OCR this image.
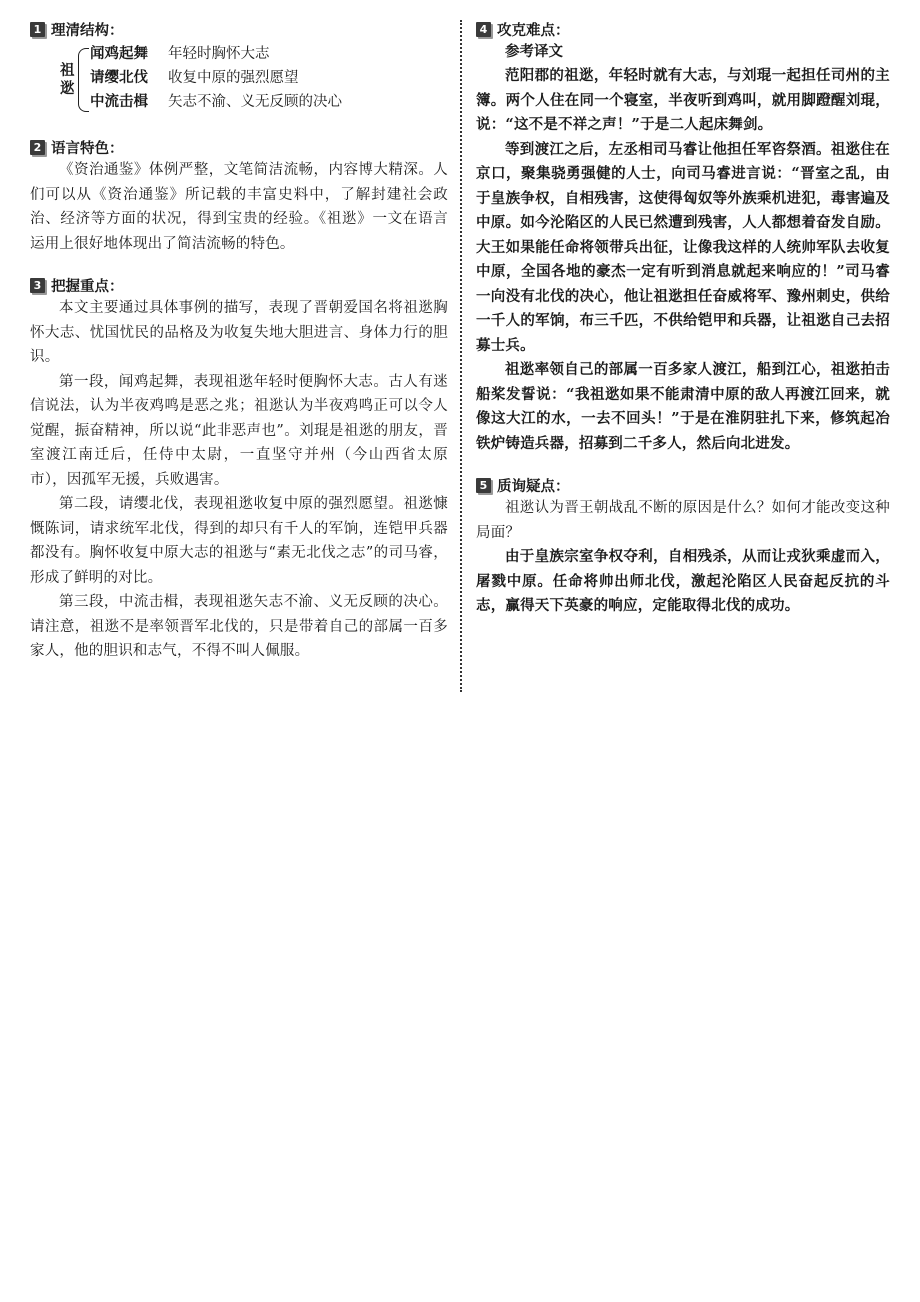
1 理清结构：
祖逖
闻鸡起舞	年轻时胸怀大志
请缨北伐	收复中原的强烈愿望
中流击楫	矢志不渝、义无反顾的决心
2 语言特色：

《资治通鉴》体例严整，文笔简洁流畅，内容博大精深。人们可以从《资治通鉴》所记载的丰富史料中，了解封建社会政治、经济等方面的状况，得到宝贵的经验。《祖逖》一文在语言运用上很好地体现出了简洁流畅的特色。

3 把握重点：

本文主要通过具体事例的描写，表现了晋朝爱国名将祖逖胸怀大志、忧国忧民的品格及为收复失地大胆进言、身体力行的胆识。

第一段，闻鸡起舞，表现祖逖年轻时便胸怀大志。古人有迷信说法，认为半夜鸡鸣是恶之兆；祖逖认为半夜鸡鸣正可以令人觉醒，振奋精神，所以说“此非恶声也”。刘琨是祖逖的朋友，晋室渡江南迁后，任侍中太尉，一直坚守并州（今山西省太原市），因孤军无援，兵败遇害。

第二段，请缨北伐，表现祖逖收复中原的强烈愿望。祖逖慷慨陈词，请求统军北伐，得到的却只有千人的军饷，连铠甲兵器都没有。胸怀收复中原大志的祖逖与“素无北伐之志”的司马睿，形成了鲜明的对比。

第三段，中流击楫，表现祖逖矢志不渝、义无反顾的决心。请注意，祖逖不是率领晋军北伐的，只是带着自己的部属一百多家人，他的胆识和志气，不得不叫人佩服。

4 攻克难点：
参考译文

范阳郡的祖逖，年轻时就有大志，与刘琨一起担任司州的主簿。两个人住在同一个寝室，半夜听到鸡叫，就用脚蹬醒刘琨，说：“这不是不祥之声！”于是二人起床舞剑。

等到渡江之后，左丞相司马睿让他担任军咨祭酒。祖逖住在京口，聚集骁勇强健的人士，向司马睿进言说：“晋室之乱，由于皇族争权，自相残害，这使得匈奴等外族乘机进犯，毒害遍及中原。如今沦陷区的人民已然遭到残害，人人都想着奋发自励。大王如果能任命将领带兵出征，让像我这样的人统帅军队去收复中原，全国各地的豪杰一定有听到消息就起来响应的！”司马睿一向没有北伐的决心，他让祖逖担任奋威将军、豫州刺史，供给一千人的军饷，布三千匹，不供给铠甲和兵器，让祖逖自己去招募士兵。

祖逖率领自己的部属一百多家人渡江，船到江心，祖逖拍击船桨发誓说：“我祖逖如果不能肃清中原的敌人再渡江回来，就像这大江的水，一去不回头！”于是在淮阴驻扎下来，修筑起冶铁炉铸造兵器，招募到二千多人，然后向北进发。

5 质询疑点：

祖逖认为晋王朝战乱不断的原因是什么？如何才能改变这种局面？

由于皇族宗室争权夺利，自相残杀，从而让戎狄乘虚而入，屠戮中原。任命将帅出师北伐，激起沦陷区人民奋起反抗的斗志，赢得天下英豪的响应，定能取得北伐的成功。
